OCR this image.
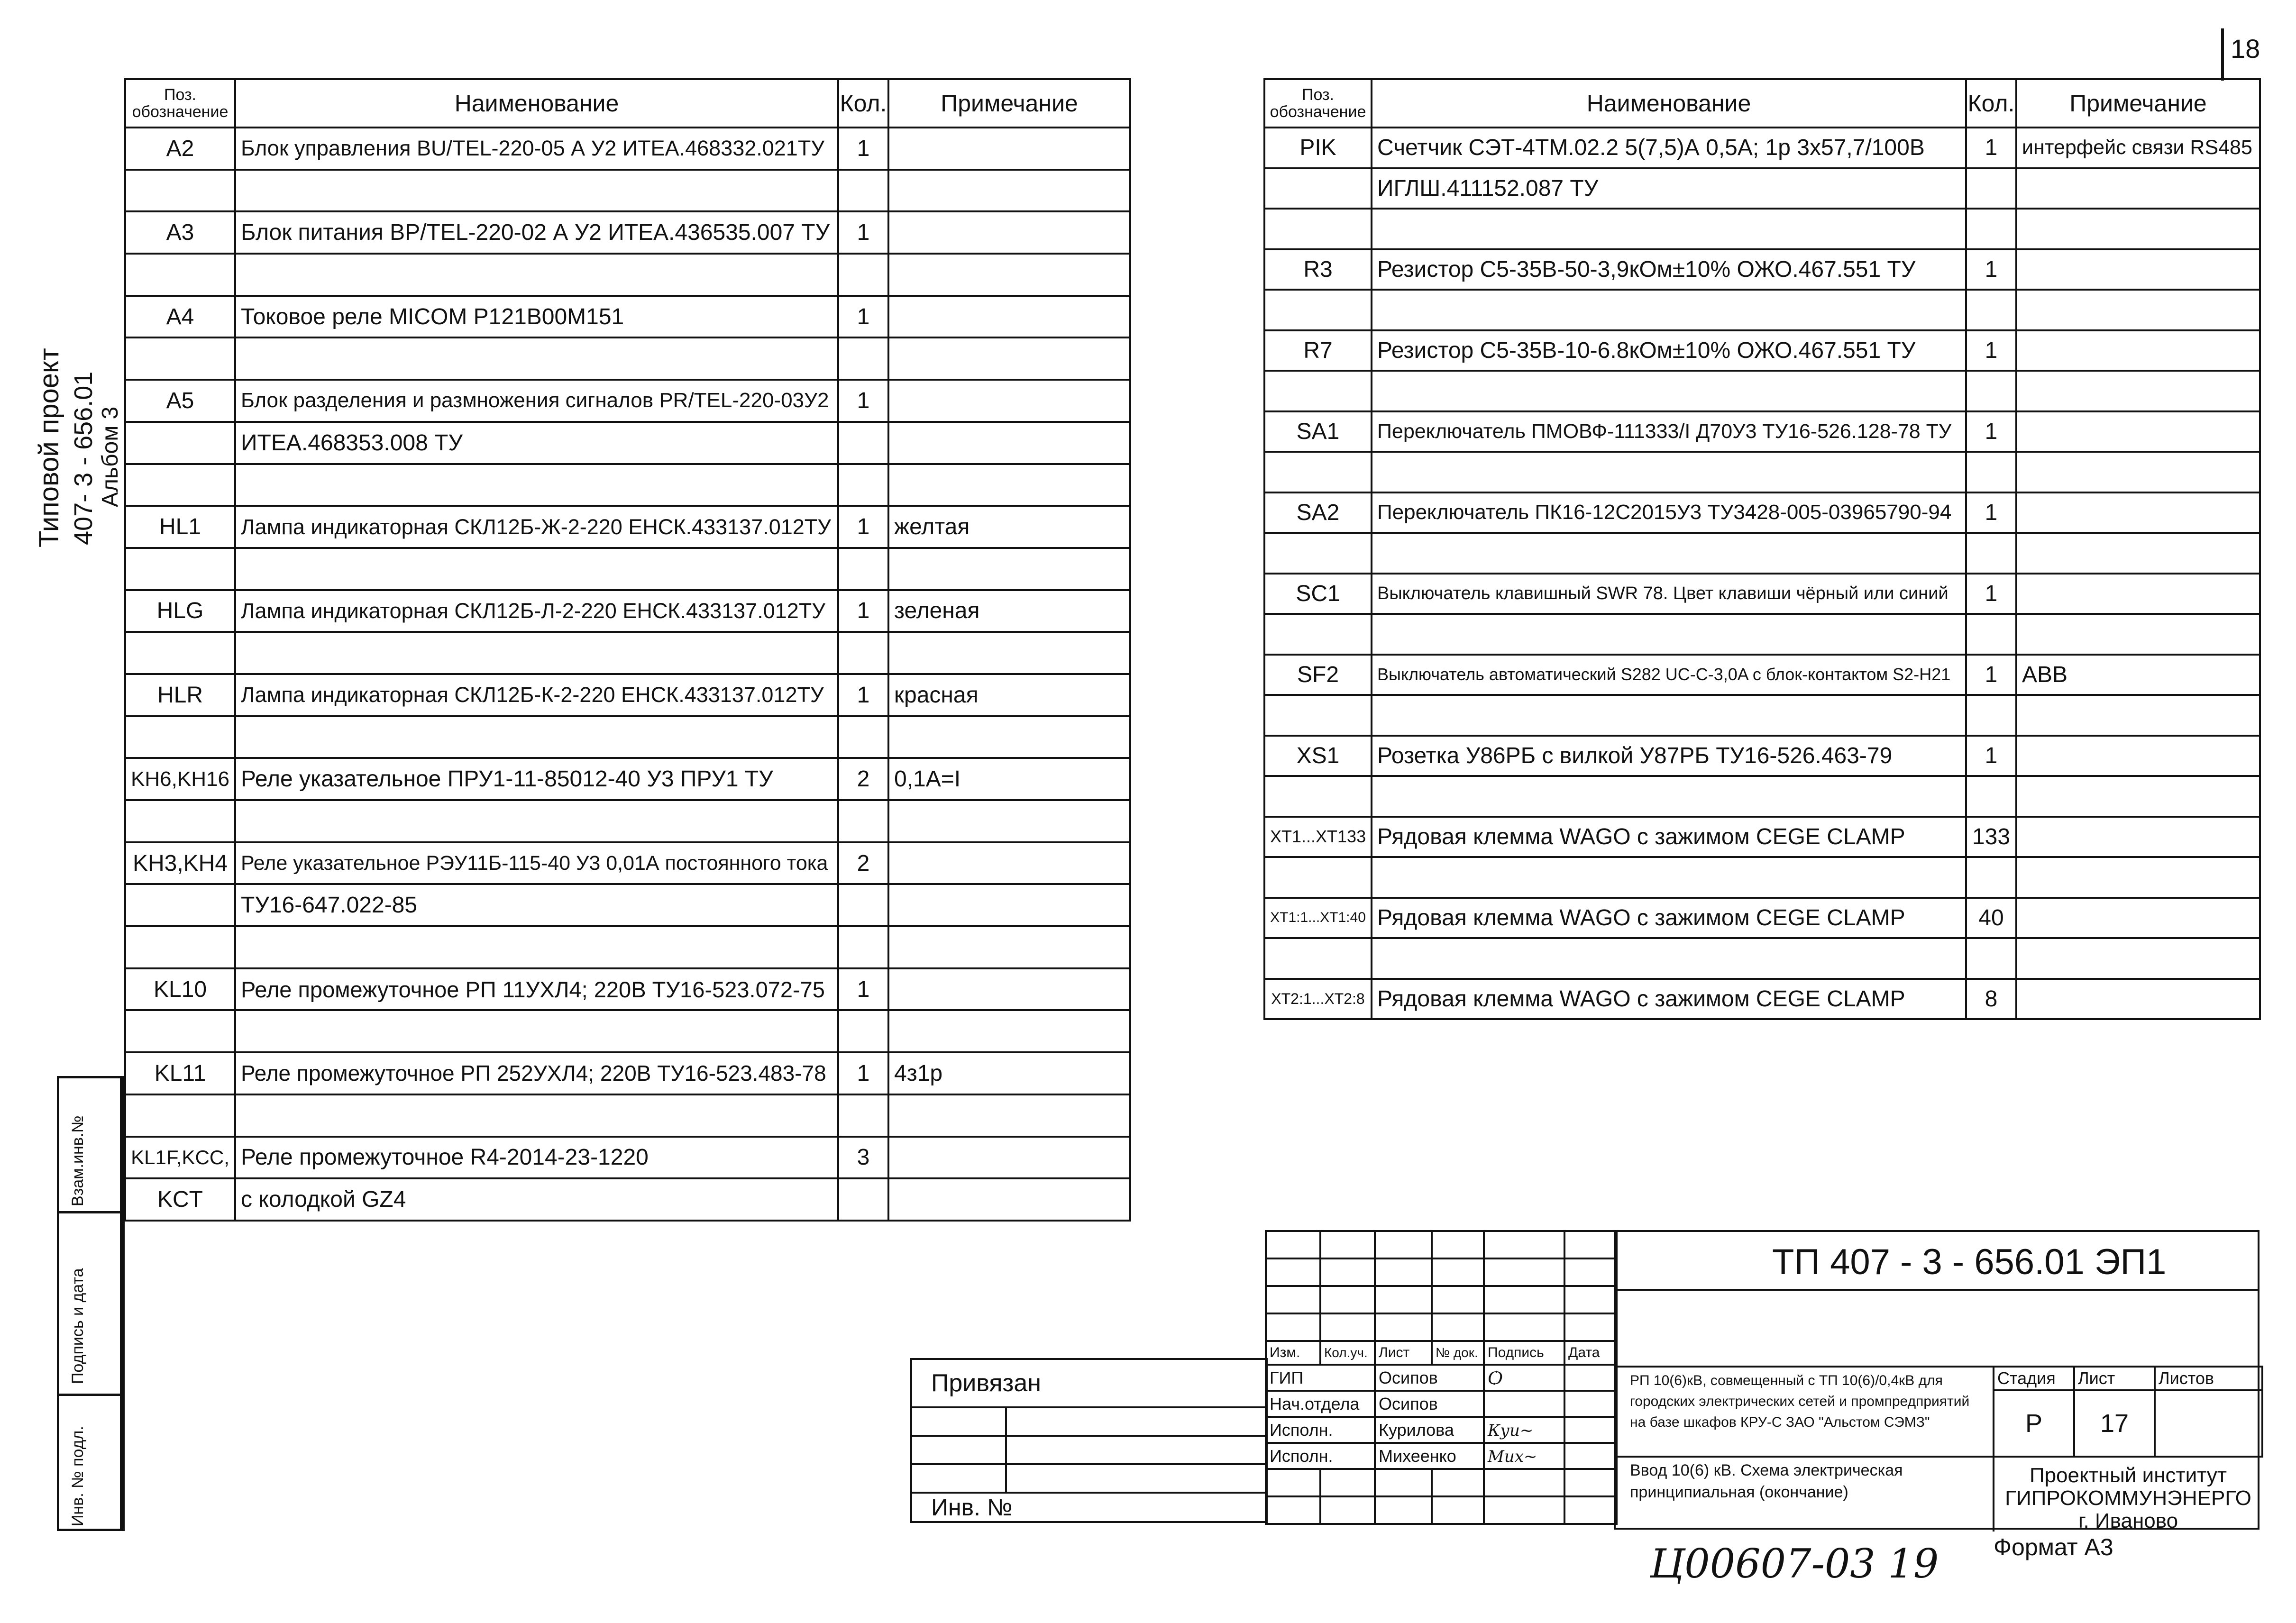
18
Типовой проект 407- 3 - 656.01 Альбом 3
Взам.инв.№
Подпись и дата
Инв. № подл.
Поз.
обозначение	Наименование	Кол.	Примечание
A2	Блок управления BU/TEL-220-05 А У2 ИТЕА.468332.021ТУ	1	

A3	Блок питания BP/TEL-220-02 А У2 ИТЕА.436535.007 ТУ	1	

A4	Токовое реле MICOM P121B00M151	1	

A5	Блок разделения и размножения сигналов PR/TEL-220-03У2	1	
	ИТЕА.468353.008 ТУ		

HL1	Лампа индикаторная СКЛ12Б-Ж-2-220 ЕНСК.433137.012ТУ	1	желтая

HLG	Лампа индикаторная СКЛ12Б-Л-2-220 ЕНСК.433137.012ТУ	1	зеленая

HLR	Лампа индикаторная СКЛ12Б-К-2-220 ЕНСК.433137.012ТУ	1	красная

KH6,KH16	Реле указательное ПРУ1-11-85012-40 У3 ПРУ1 ТУ	2	0,1А=I

KH3,KH4	Реле указательное РЭУ11Б-115-40 У3 0,01А постоянного тока	2	
	ТУ16-647.022-85		

KL10	Реле промежуточное РП 11УХЛ4; 220В ТУ16-523.072-75	1	

KL11	Реле промежуточное РП 252УХЛ4; 220В ТУ16-523.483-78	1	4з1р

KL1F,KCC,	Реле промежуточное R4-2014-23-1220	3	
KCT	с колодкой GZ4		
Поз.
обозначение	Наименование	Кол.	Примечание
PIK	Счетчик СЭТ-4ТМ.02.2 5(7,5)А 0,5А; 1р 3х57,7/100В	1	интерфейс связи RS485
	ИГЛШ.411152.087 ТУ		

R3	Резистор С5-35В-50-3,9кОм±10% ОЖО.467.551 ТУ	1	

R7	Резистор С5-35В-10-6.8кОм±10% ОЖО.467.551 ТУ	1	

SA1	Переключатель ПМОВФ-111333/I Д70У3 ТУ16-526.128-78 ТУ	1	

SA2	Переключатель ПК16-12С2015У3 ТУ3428-005-03965790-94	1	

SC1	Выключатель клавишный SWR 78. Цвет клавиши чёрный или синий	1	

SF2	Выключатель автоматический S282 UC-C-3,0A с блок-контактом S2-H21	1	ABB

XS1	Розетка У86РБ с вилкой У87РБ ТУ16-526.463-79	1	

XT1...XT133	Рядовая клемма WAGO с зажимом CEGE CLAMP	133	

XT1:1...XT1:40	Рядовая клемма WAGO с зажимом CEGE CLAMP	40	

XT2:1...XT2:8	Рядовая клемма WAGO с зажимом CEGE CLAMP	8	
Привязан	

Инв. №	

Изм.	Кол.уч.	Лист	№ док.	Подпись	Дата
ГИП		Осипов		Ѻ	
Нач.отдела		Осипов			
Исполн.		Курилова		Куи~	
Исполн.		Михеенко		Мих~	

ТП 407 - 3 - 656.01 ЭП1
РП 10(6)кВ, совмещенный с ТП 10(6)/0,4кВ для городских электрических сетей и промпредприятий на базе шкафов КРУ-С ЗАО "Альстом СЭМЗ"
Ввод 10(6) кВ. Схема электрическая принципиальная (окончание)
Стадия	Лист	Листов
Р	17	
Проектный институт
ГИПРОКОММУНЭНЕРГО
г. Иваново
Формат А3
Ц00607-03 19
